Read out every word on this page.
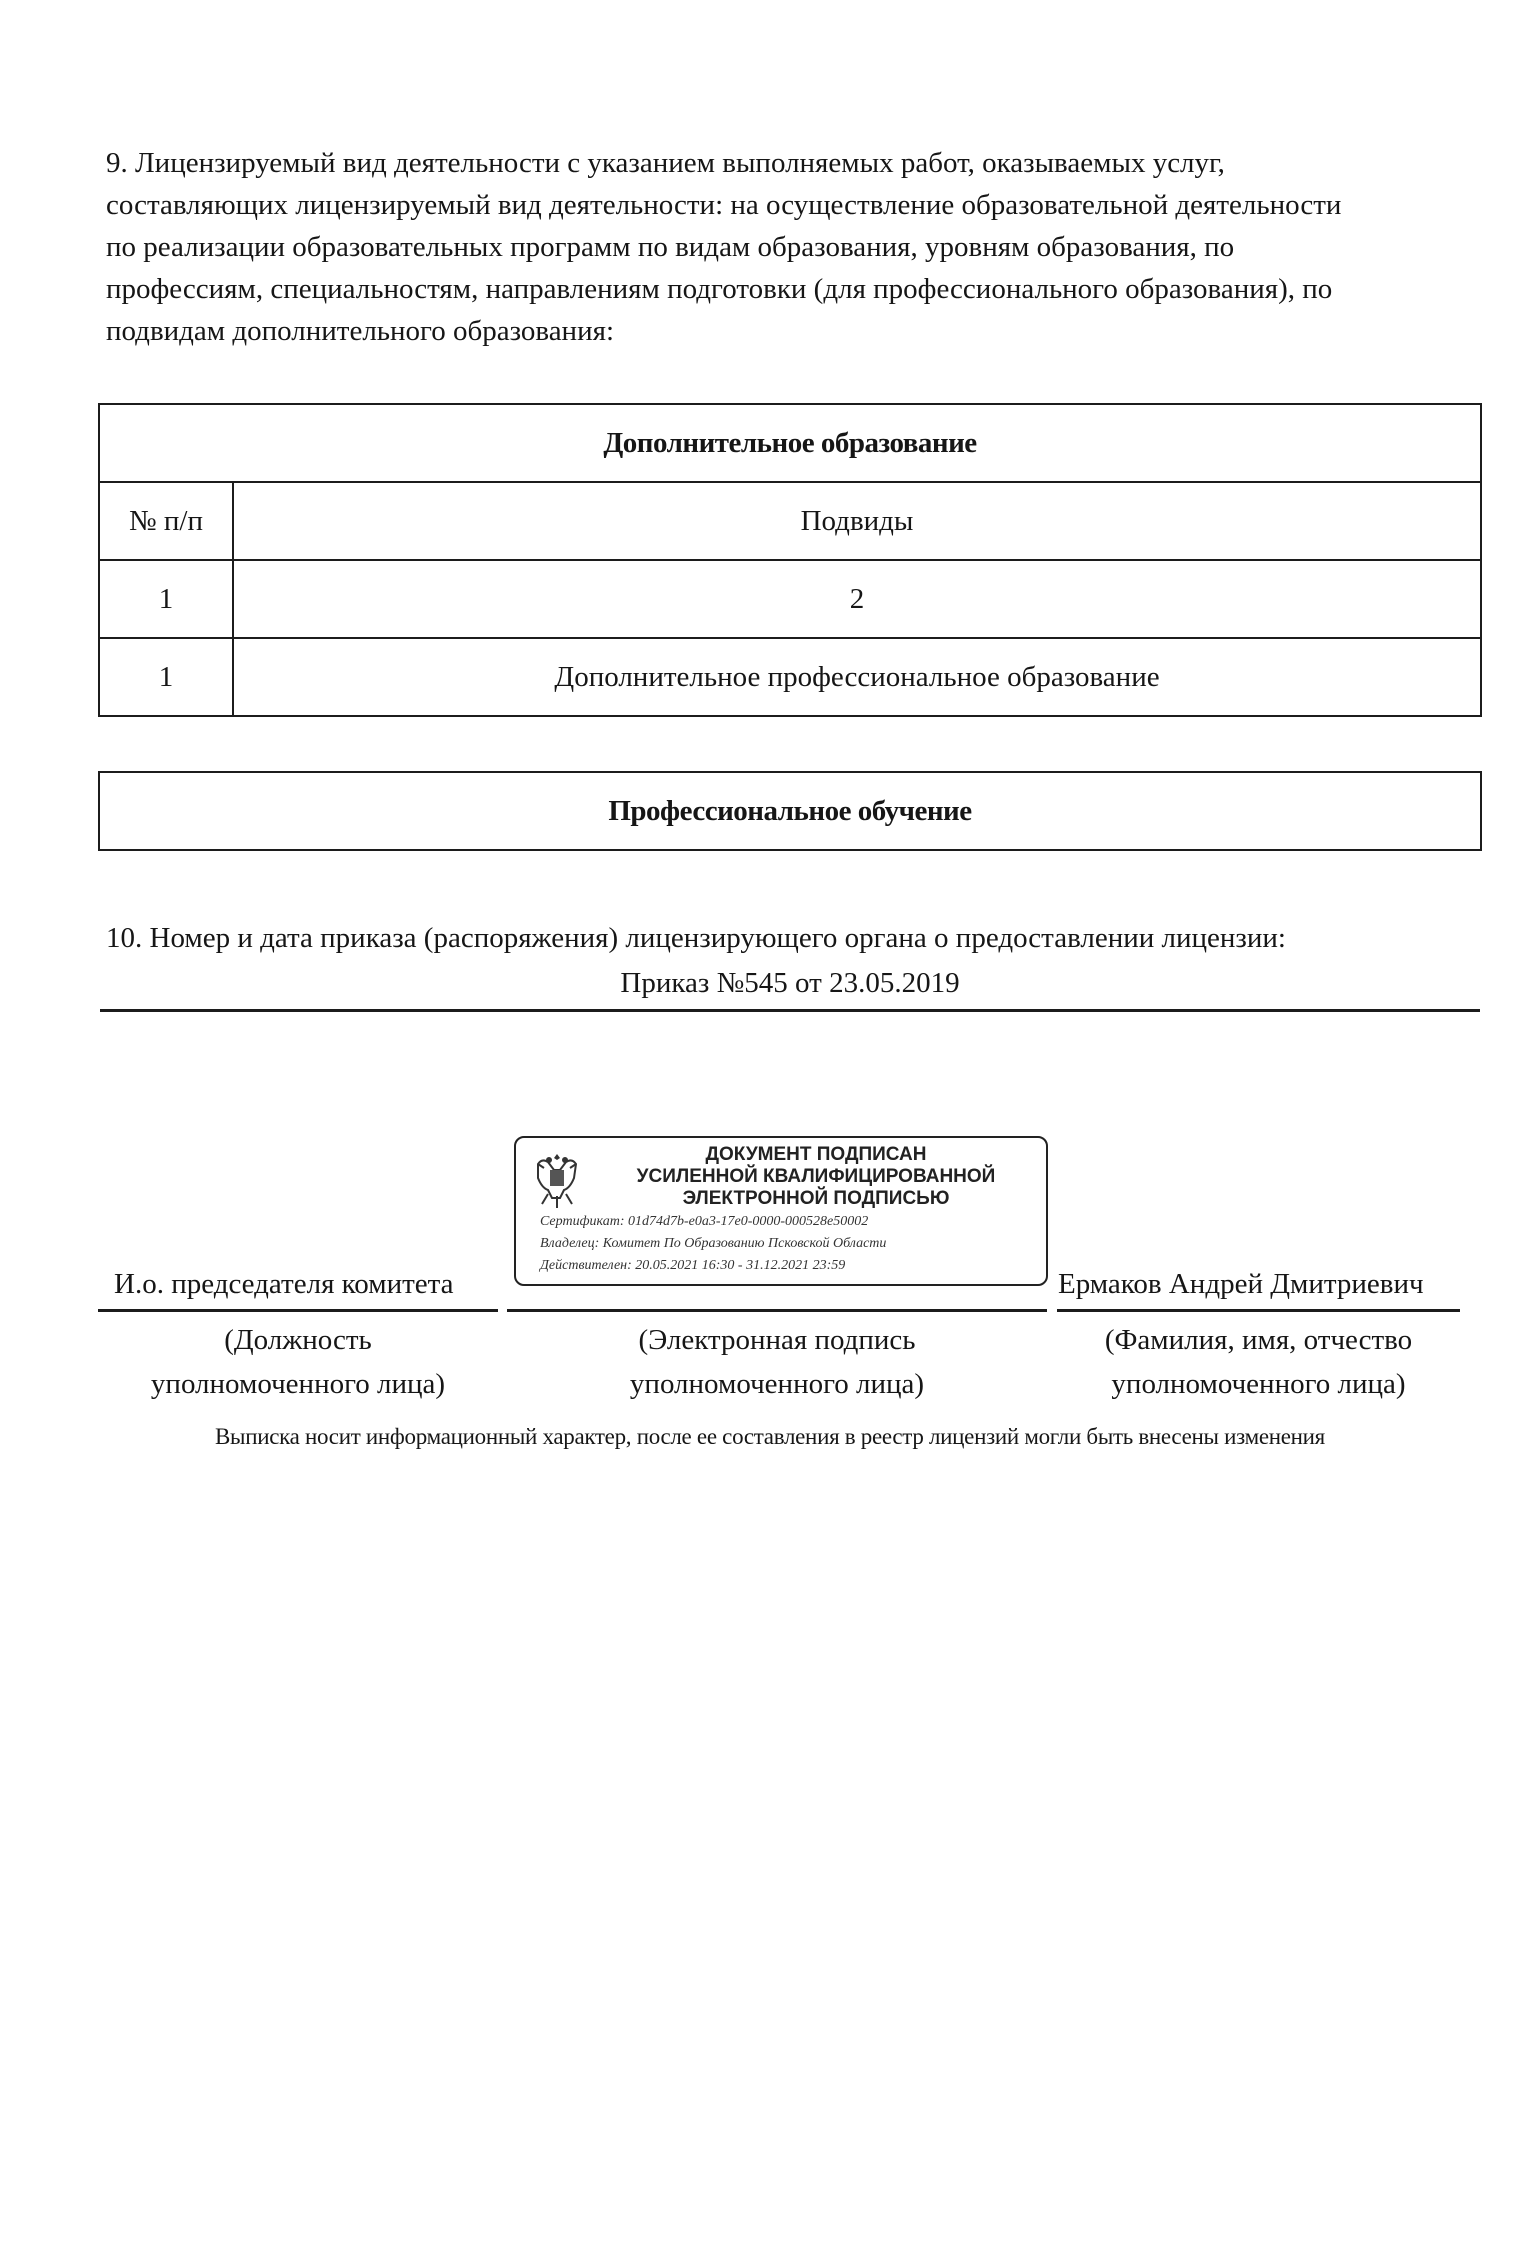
9. Лицензируемый вид деятельности с указанием выполняемых работ, оказываемых услуг,
составляющих лицензируемый вид деятельности: на осуществление образовательной деятельности
по реализации образовательных программ по видам образования, уровням образования, по
профессиям, специальностям, направлениям подготовки (для профессионального образования), по
подвидам дополнительного образования:
Дополнительное образование	
№ п/п	Подвиды
1	2
1	Дополнительное профессиональное образование
Профессиональное обучение
10. Номер и дата приказа (распоряжения) лицензирующего органа о предоставлении лицензии:
Приказ №545 от 23.05.2019
ДОКУМЕНТ ПОДПИСАН
УСИЛЕННОЙ КВАЛИФИЦИРОВАННОЙ
ЭЛЕКТРОННОЙ ПОДПИСЬЮ
Сертификат: 01d74d7b-e0a3-17e0-0000-000528e50002
Владелец: Комитет По Образованию Псковской Области
Действителен: 20.05.2021 16:30 - 31.12.2021 23:59
И.о. председателя комитета	Ермаков Андрей Дмитриевич
(Должность
уполномоченного лица)
(Электронная подпись
уполномоченного лица)
(Фамилия, имя, отчество
уполномоченного лица)
Выписка носит информационный характер, после ее составления в реестр лицензий могли быть внесены изменения
